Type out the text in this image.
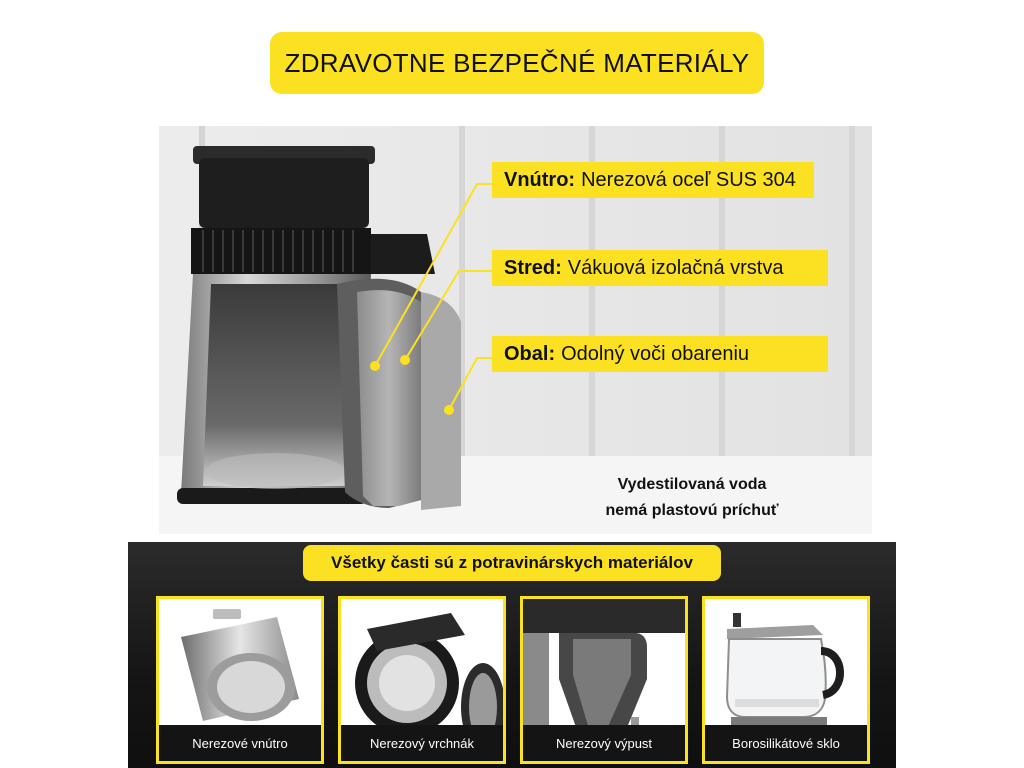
ZDRAVOTNE BEZPEČNÉ MATERIÁLY
Vnútro: Nerezová oceľ SUS 304
Stred: Vákuová izolačná vrstva
Obal: Odolný voči obareniu
Vydestilovaná voda
nemá plastovú príchuť
Všetky časti sú z potravinárskych materiálov
Nerezové vnútro	Nerezový vrchnák	Nerezový výpust	Borosilikátové sklo
